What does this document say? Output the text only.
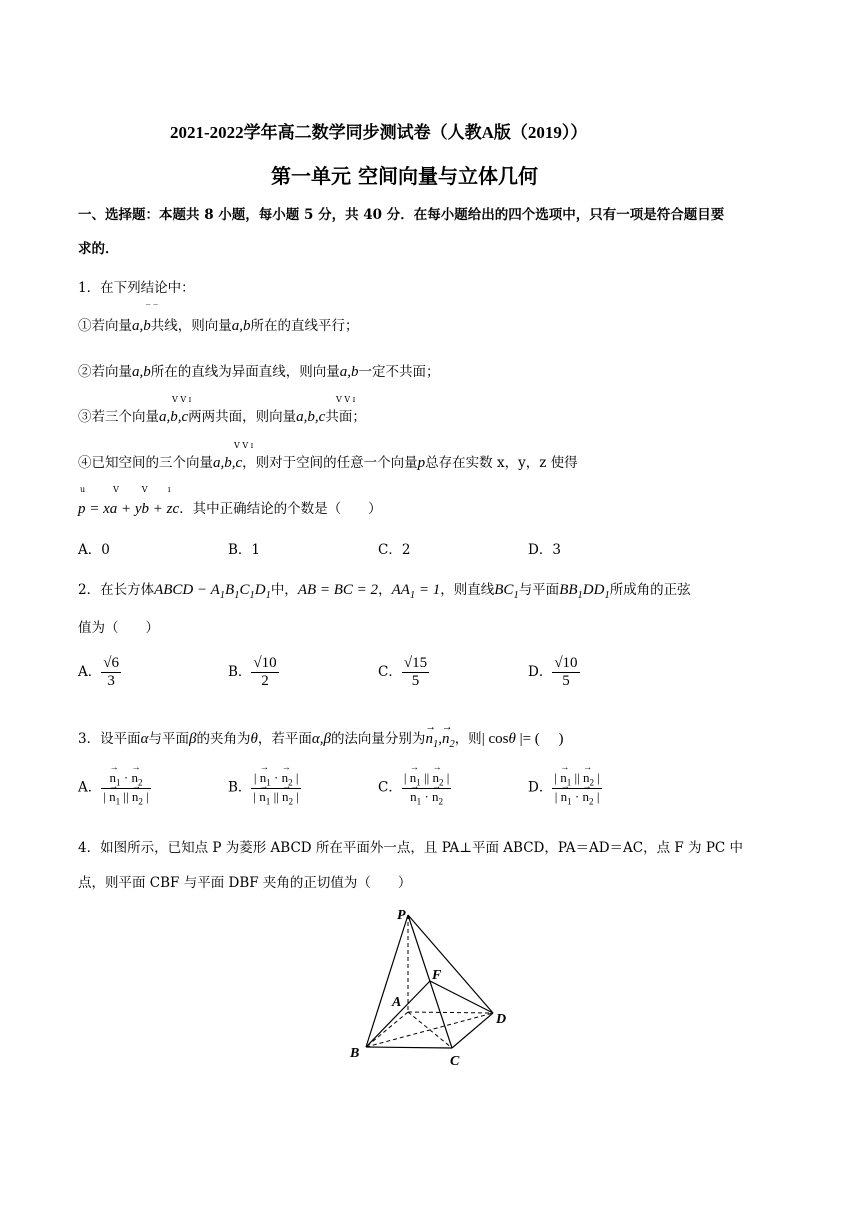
2021-2022学年高二数学同步测试卷（人教A版（2019））
第一单元 空间向量与立体几何
一、选择题：本题共 8 小题，每小题 5 分，共 40 分．在每小题给出的四个选项中，只有一项是符合题目要
求的．
1．在下列结论中：
①若向量a,b共线，则向量a,b所在的直线平行；
‾ ‾
②若向量a,b所在的直线为异面直线，则向量a,b一定不共面；
③若三个向量a,b,c两两共面，则向量a,b,c共面；
V V ɪ	V V ɪ
④已知空间的三个向量a,b,c，则对于空间的任意一个向量p总存在实数 x，y，z 使得
V V ɪ
p = xa + yb + zc．其中正确结论的个数是（　　）
u           V         V        ɪ
A．0	B．1	C．2	D．3
2．在长方体ABCD − $A_1B_1C_1D_1$中，AB = BC = 2，$AA_1 = 1$，则直线$BC_1$与平面$BB_1DD_1$所成角的正弦
值为（　　）
A． $\frac{√6}{3}$	B． $\frac{√10}{2}$	C． $\frac{√15}{5}$	D． $\frac{√10}{5}$
3．设平面α与平面β的夹角为θ，若平面α,β的法向量分别为→ $n_1,\to n_2$，则| cosθ |= (     )
A．
→ $\frac{n_1 \cdot \to n_2}{| \to n_1 || \to n_2 |}$	B． $\frac{| \to n_1 \cdot \to n_2 |}{| \to n_1 || \to n_2 |}$	C． | → $n_1$ || → $n_2$ |
→ $n_1$ · → $n_2$	D． $\frac{| \to n_1 || \to n_2 |}{| \to n_1 \cdot \to n_2 |}$
4．如图所示，已知点 P 为菱形 ABCD 所在平面外一点，且 PA⊥平面 ABCD，PA＝AD＝AC，点 F 为 PC 中
点，则平面 CBF 与平面 DBF 夹角的正切值为（　　）
P
F
A
D
B
C
